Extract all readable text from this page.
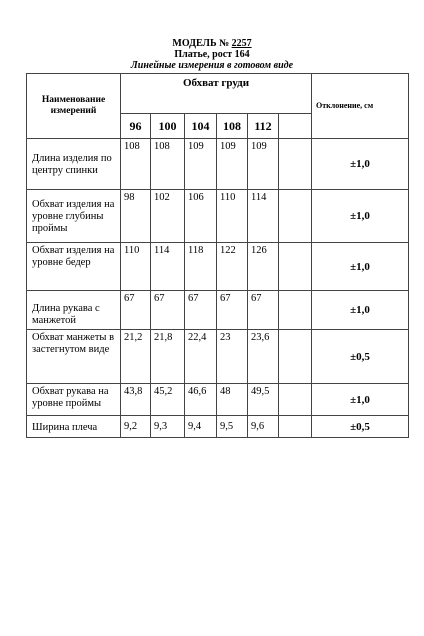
МОДЕЛЬ № 2257
Платье, рост 164
Линейные измерения в готовом виде
Наименование измерений	Обхват груди						Отклонение, см
	96	100	104	108	112		
Длина изделия по центру спинки	108	108	109	109	109		±1,0
Обхват изделия на уровне глубины проймы	98	102	106	110	114		±1,0
Обхват изделия на уровне бедер	110	114	118	122	126		±1,0
Длина рукава с манжетой	67	67	67	67	67		±1,0
Обхват манжеты в застегнутом виде	21,2	21,8	22,4	23	23,6		±0,5
Обхват рукава на уровне проймы	43,8	45,2	46,6	48	49,5		±1,0
Ширина плеча	9,2	9,3	9,4	9,5	9,6		±0,5
